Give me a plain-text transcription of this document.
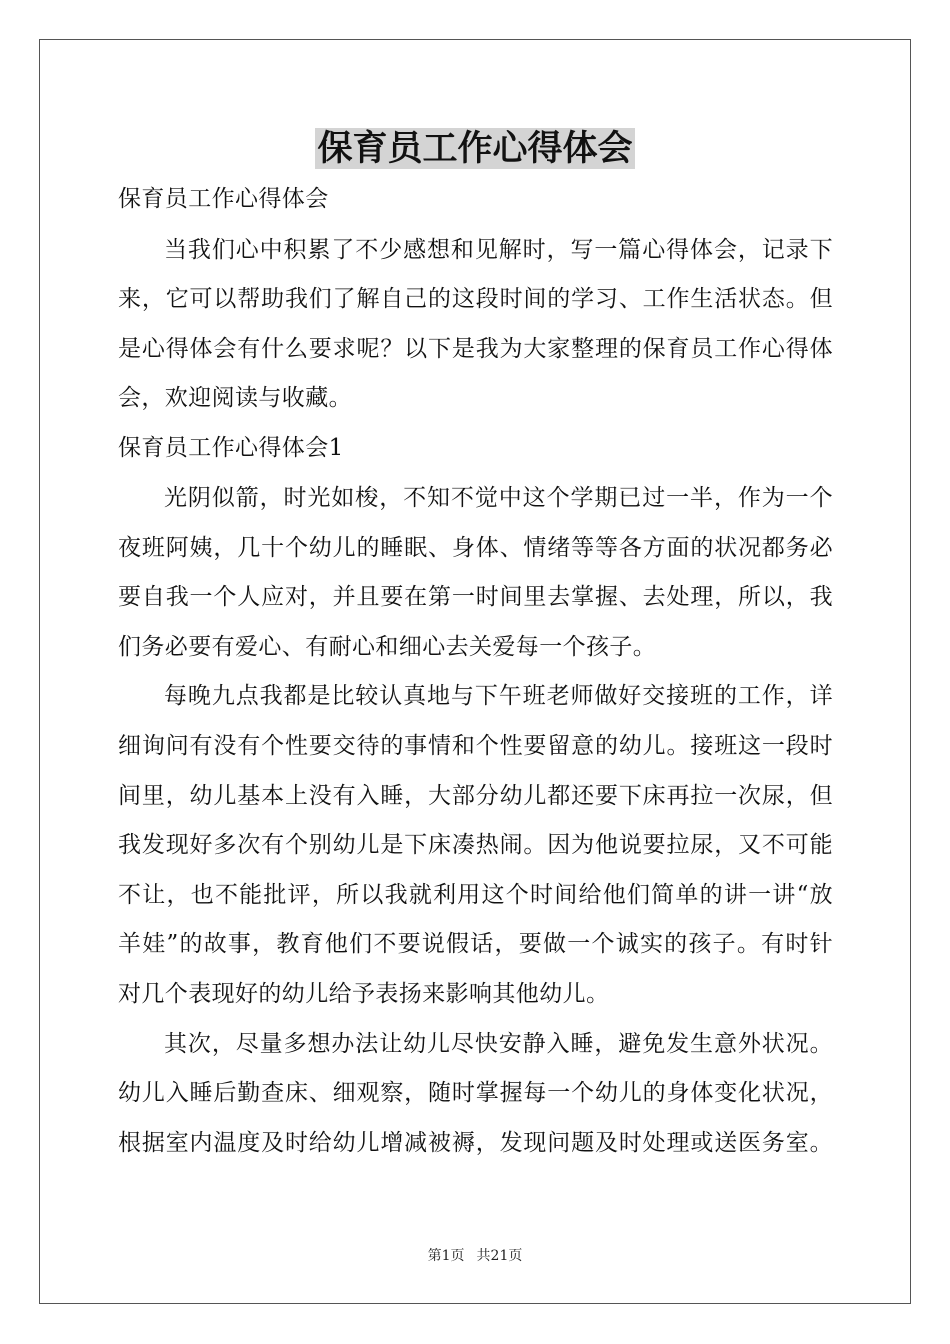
保育员工作心得体会
保育员工作心得体会
当我们心中积累了不少感想和见解时，写一篇心得体会，记录下
来，它可以帮助我们了解自己的这段时间的学习、工作生活状态。但
是心得体会有什么要求呢？以下是我为大家整理的保育员工作心得体
会，欢迎阅读与收藏。
保育员工作心得体会1
光阴似箭，时光如梭，不知不觉中这个学期已过一半，作为一个
夜班阿姨，几十个幼儿的睡眠、身体、情绪等等各方面的状况都务必
要自我一个人应对，并且要在第一时间里去掌握、去处理，所以，我
们务必要有爱心、有耐心和细心去关爱每一个孩子。
每晚九点我都是比较认真地与下午班老师做好交接班的工作，详
细询问有没有个性要交待的事情和个性要留意的幼儿。接班这一段时
间里，幼儿基本上没有入睡，大部分幼儿都还要下床再拉一次尿，但
我发现好多次有个别幼儿是下床凑热闹。因为他说要拉尿，又不可能
不让，也不能批评，所以我就利用这个时间给他们简单的讲一讲“放
羊娃”的故事，教育他们不要说假话，要做一个诚实的孩子。有时针
对几个表现好的幼儿给予表扬来影响其他幼儿。
其次，尽量多想办法让幼儿尽快安静入睡，避免发生意外状况。
幼儿入睡后勤查床、细观察，随时掌握每一个幼儿的身体变化状况，
根据室内温度及时给幼儿增减被褥，发现问题及时处理或送医务室。
第1页 共21页
